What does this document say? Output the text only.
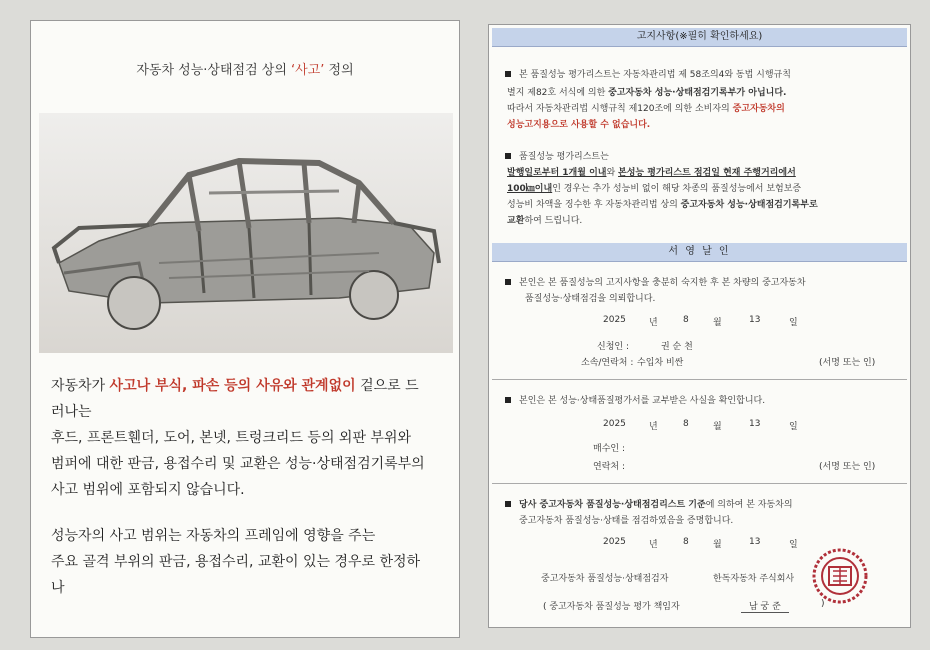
자동차 성능·상태점검 상의 ‘사고’ 정의
자동차가 사고나 부식, 파손 등의 사유와 관계없이 겉으로 드
러나는
후드, 프론트휀더, 도어, 본넷, 트렁크리드 등의 외판 부위와
범퍼에 대한 판금, 용접수리 및 교환은 성능·상태점검기록부의
사고 범위에 포함되지 않습니다.
성능자의 사고 범위는 자동차의 프레임에 영향을 주는
주요 골격 부위의 판금, 용접수리, 교환이 있는 경우로 한정하
나
고지사항(※필히 확인하세요)
본 품질성능 평가리스트는 자동차관리법 제 58조의4와 동법 시행규칙
별지 제82호 서식에 의한 중고자동차 성능·상태점검기록부가 아닙니다.
따라서 자동차관리법 시행규칙 제120조에 의한 소비자의 중고자동차의
성능고지용으로 사용할 수 없습니다.
품질성능 평가리스트는
발행일로부터 1개월 이내와 본성능 평가리스트 점검일 현재 주행거리에서
100㎞이내인 경우는 추가 성능비 없이 해당 차종의 품질성능에서 보험보증
성능비 차액을 징수한 후 자동차관리법 상의 중고자동차 성능·상태점검기록부로
교환하여 드립니다.
서 영 날 인
본인은 본 품질성능의 고지사항을 충분히 숙지한 후 본 차량의 중고자동차
품질성능·상태점검을 의뢰합니다.
2025	년	8	월	13	일
신청인 :	권 순 천
소속/연락처 : 수입차 비싼	(서명 또는 인)
본인은 본 성능·상태품질평가서를 교부받은 사실을 확인합니다.
2025	년	8	월	13	일
매수인 :
연락처 :	(서명 또는 인)
당사 중고자동차 품질성능·상태점검리스트 기준에 의하여 본 자동차의
중고자동차 품질성능·상태를 점검하였음을 증명합니다.
2025	년	8	월	13	일
중고자동차 품질성능·상태점검자	한독자동차 주식회사
( 중고자동차 품질성능 평가 책임자	남 궁 준	)
